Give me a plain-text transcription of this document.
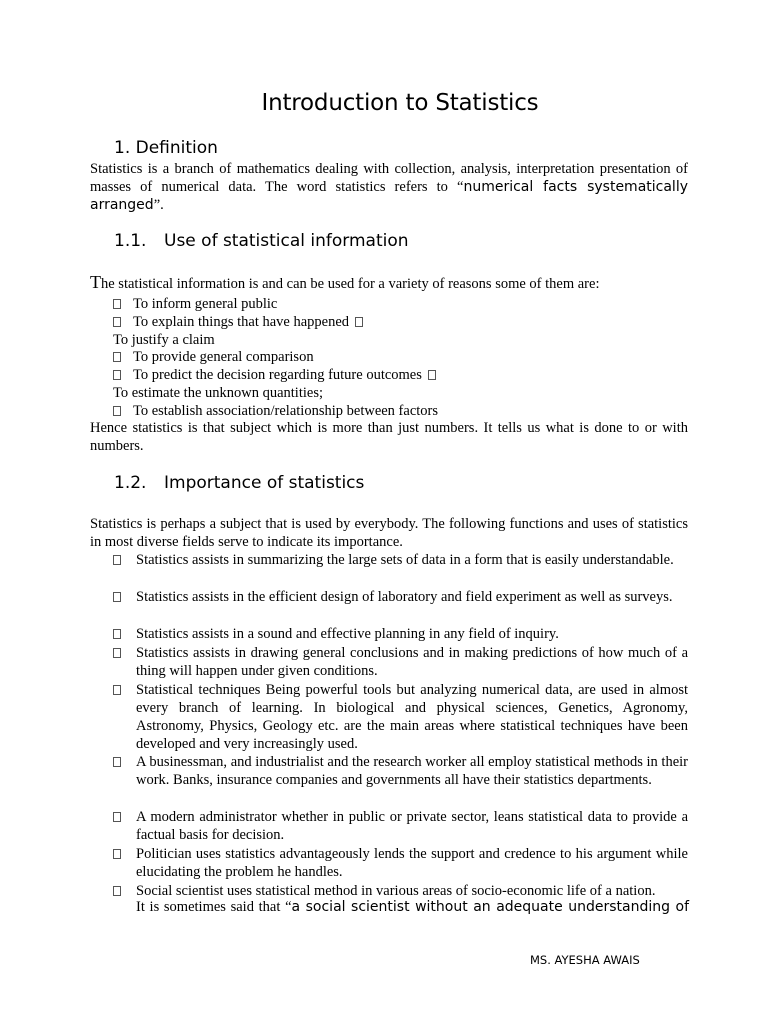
Introduction to Statistics
1. Definition
Statistics is a branch of mathematics dealing with collection, analysis, interpretation presentation of masses of numerical data. The word statistics refers to “numerical facts systematically arranged”.
1.1. Use of statistical information
The statistical information is and can be used for a variety of reasons some of them are:
To inform general public
To explain things that have happened
To justify a claim
To provide general comparison
To predict the decision regarding future outcomes
To estimate the unknown quantities;
To establish association/relationship between factors
Hence statistics is that subject which is more than just numbers. It tells us what is done to or with numbers.
1.2. Importance of statistics
Statistics is perhaps a subject that is used by everybody. The following functions and uses of statistics in most diverse fields serve to indicate its importance.
Statistics assists in summarizing the large sets of data in a form that is easily understandable.
Statistics assists in the efficient design of laboratory and field experiment as well as surveys.
Statistics assists in a sound and effective planning in any field of inquiry.
Statistics assists in drawing general conclusions and in making predictions of how much of a thing will happen under given conditions.
Statistical techniques Being powerful tools but analyzing numerical data, are used in almost every branch of learning. In biological and physical sciences, Genetics, Agronomy, Astronomy, Physics, Geology etc. are the main areas where statistical techniques have been developed and very increasingly used.
A businessman, and industrialist and the research worker all employ statistical methods in their work. Banks, insurance companies and governments all have their statistics departments.
A modern administrator whether in public or private sector, leans statistical data to provide a factual basis for decision.
Politician uses statistics advantageously lends the support and credence to his argument while elucidating the problem he handles.
Social scientist uses statistical method in various areas of socio-economic life of a nation.
It is sometimes said that “a social scientist without an adequate understanding of
MS. AYESHA AWAIS
